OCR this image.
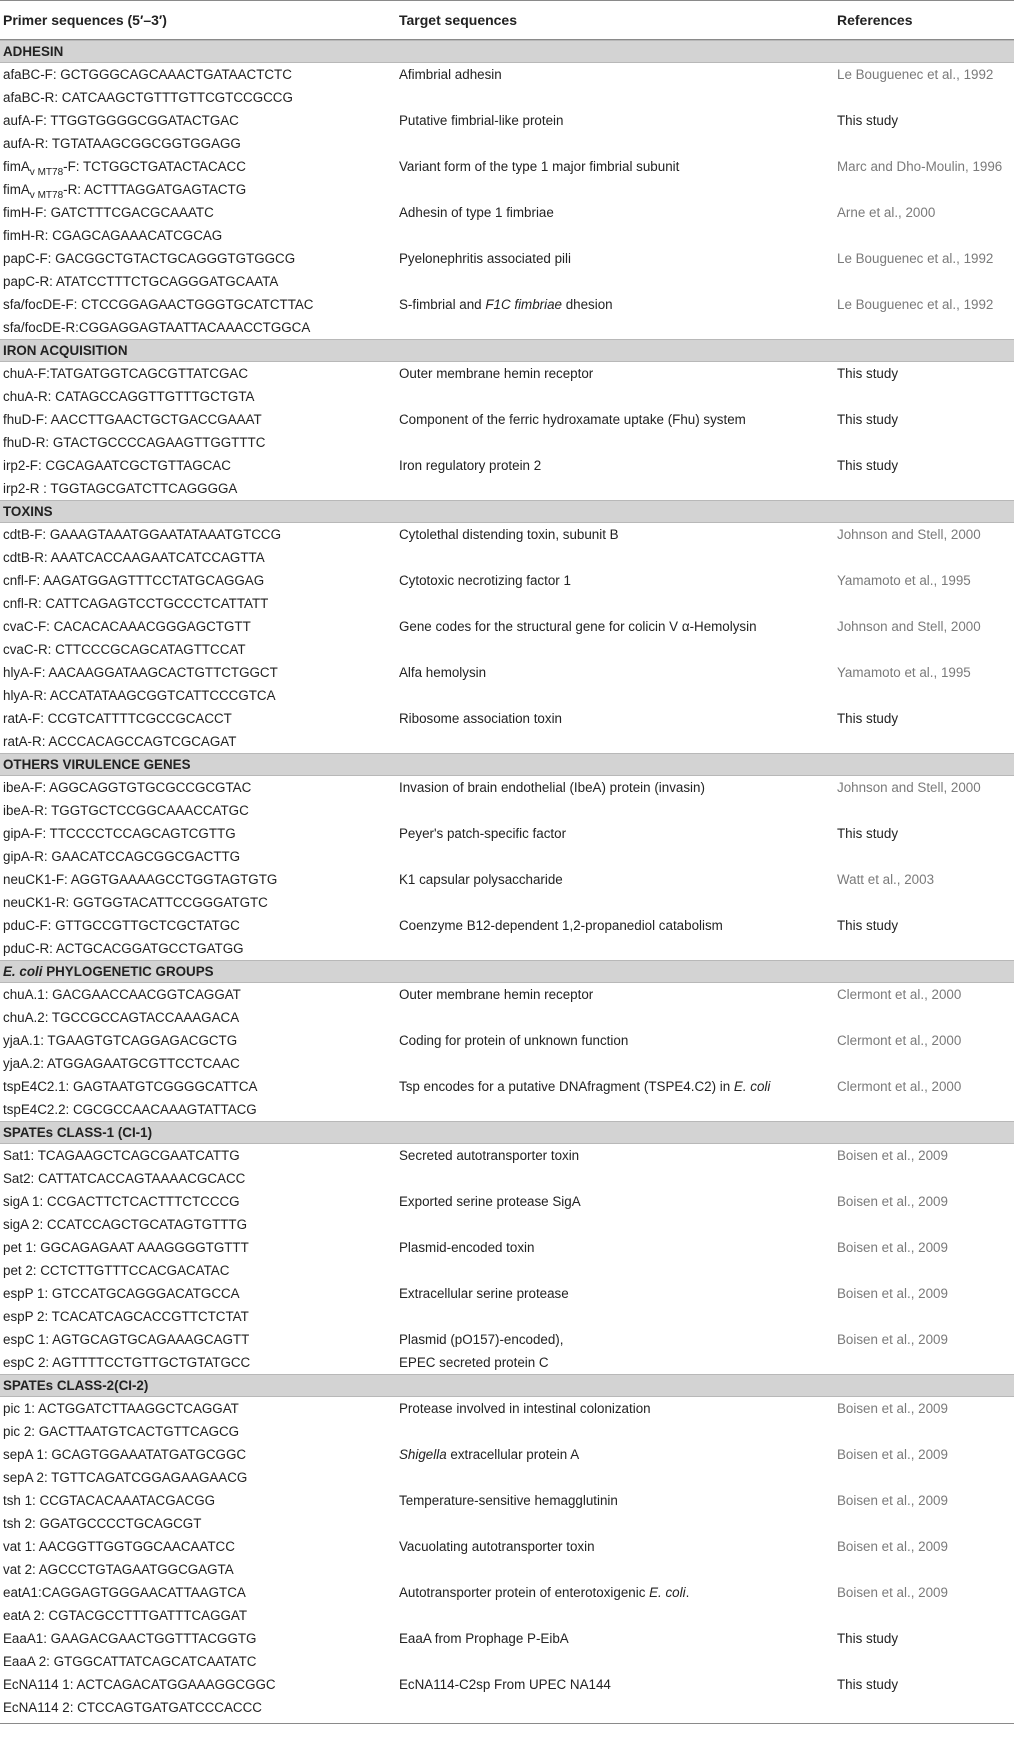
Primer sequences (5′–3′)	Target sequences	References
ADHESIN
afaBC-F: GCTGGGCAGCAAACTGATAACTCTC	Afimbrial adhesin	Le Bouguenec et al., 1992
afaBC-R: CATCAAGCTGTTTGTTCGTCCGCCG
aufA-F: TTGGTGGGGCGGATACTGAC	Putative fimbrial-like protein	This study
aufA-R: TGTATAAGCGGCGGTGGAGG
fimA$_{v MT78}$-F: TCTGGCTGATACTACACC	Variant form of the type 1 major fimbrial subunit	Marc and Dho-Moulin, 1996
fimA$_{v MT78}$-R: ACTTTAGGATGAGTACTG
fimH-F: GATCTTTCGACGCAAATC	Adhesin of type 1 fimbriae	Arne et al., 2000
fimH-R: CGAGCAGAAACATCGCAG
papC-F: GACGGCTGTACTGCAGGGTGTGGCG	Pyelonephritis associated pili	Le Bouguenec et al., 1992
papC-R: ATATCCTTTCTGCAGGGATGCAATA
sfa/focDE-F: CTCCGGAGAACTGGGTGCATCTTAC	S-fimbrial and F1C fimbriae dhesion	Le Bouguenec et al., 1992
sfa/focDE-R:CGGAGGAGTAATTACAAACCTGGCA
IRON ACQUISITION
chuA-F:TATGATGGTCAGCGTTATCGAC	Outer membrane hemin receptor	This study
chuA-R: CATAGCCAGGTTGTTTGCTGTA
fhuD-F: AACCTTGAACTGCTGACCGAAAT	Component of the ferric hydroxamate uptake (Fhu) system	This study
fhuD-R: GTACTGCCCCAGAAGTTGGTTTC
irp2-F: CGCAGAATCGCTGTTAGCAC	Iron regulatory protein 2	This study
irp2-R : TGGTAGCGATCTTCAGGGGA
TOXINS
cdtB-F: GAAAGTAAATGGAATATAAATGTCCG	Cytolethal distending toxin, subunit B	Johnson and Stell, 2000
cdtB-R: AAATCACCAAGAATCATCCAGTTA
cnfl-F: AAGATGGAGTTTCCTATGCAGGAG	Cytotoxic necrotizing factor 1	Yamamoto et al., 1995
cnfl-R: CATTCAGAGTCCTGCCCTCATTATT
cvaC-F: CACACACAAACGGGAGCTGTT	Gene codes for the structural gene for colicin V α-Hemolysin	Johnson and Stell, 2000
cvaC-R: CTTCCCGCAGCATAGTTCCAT
hlyA-F: AACAAGGATAAGCACTGTTCTGGCT	Alfa hemolysin	Yamamoto et al., 1995
hlyA-R: ACCATATAAGCGGTCATTCCCGTCA
ratA-F: CCGTCATTTTCGCCGCACCT	Ribosome association toxin	This study
ratA-R: ACCCACAGCCAGTCGCAGAT
OTHERS VIRULENCE GENES
ibeA-F: AGGCAGGTGTGCGCCGCGTAC	Invasion of brain endothelial (IbeA) protein (invasin)	Johnson and Stell, 2000
ibeA-R: TGGTGCTCCGGCAAACCATGC
gipA-F: TTCCCCTCCAGCAGTCGTTG	Peyer's patch-specific factor	This study
gipA-R: GAACATCCAGCGGCGACTTG
neuCK1-F: AGGTGAAAAGCCTGGTAGTGTG	K1 capsular polysaccharide	Watt et al., 2003
neuCK1-R: GGTGGTACATTCCGGGATGTC
pduC-F: GTTGCCGTTGCTCGCTATGC	Coenzyme B12-dependent 1,2-propanediol catabolism	This study
pduC-R: ACTGCACGGATGCCTGATGG
E. coli PHYLOGENETIC GROUPS
chuA.1: GACGAACCAACGGTCAGGAT	Outer membrane hemin receptor	Clermont et al., 2000
chuA.2: TGCCGCCAGTACCAAAGACA
yjaA.1: TGAAGTGTCAGGAGACGCTG	Coding for protein of unknown function	Clermont et al., 2000
yjaA.2: ATGGAGAATGCGTTCCTCAAC
tspE4C2.1: GAGTAATGTCGGGGCATTCA	Tsp encodes for a putative DNAfragment (TSPE4.C2) in E. coli	Clermont et al., 2000
tspE4C2.2: CGCGCCAACAAAGTATTACG
SPATEs CLASS-1 (CI-1)
Sat1: TCAGAAGCTCAGCGAATCATTG	Secreted autotransporter toxin	Boisen et al., 2009
Sat2: CATTATCACCAGTAAAACGCACC
sigA 1: CCGACTTCTCACTTTCTCCCG	Exported serine protease SigA	Boisen et al., 2009
sigA 2: CCATCCAGCTGCATAGTGTTTG
pet 1: GGCAGAGAAT AAAGGGGTGTTT	Plasmid-encoded toxin	Boisen et al., 2009
pet 2: CCTCTTGTTTCCACGACATAC
espP 1: GTCCATGCAGGGACATGCCA	Extracellular serine protease	Boisen et al., 2009
espP 2: TCACATCAGCACCGTTCTCTAT
espC 1: AGTGCAGTGCAGAAAGCAGTT	Plasmid (pO157)-encoded),	Boisen et al., 2009
espC 2: AGTTTTCCTGTTGCTGTATGCC	EPEC secreted protein C
SPATEs CLASS-2(CI-2)
pic 1: ACTGGATCTTAAGGCTCAGGAT	Protease involved in intestinal colonization	Boisen et al., 2009
pic 2: GACTTAATGTCACTGTTCAGCG
sepA 1: GCAGTGGAAATATGATGCGGC	Shigella extracellular protein A	Boisen et al., 2009
sepA 2: TGTTCAGATCGGAGAAGAACG
tsh 1: CCGTACACAAATACGACGG	Temperature-sensitive hemagglutinin	Boisen et al., 2009
tsh 2: GGATGCCCCTGCAGCGT
vat 1: AACGGTTGGTGGCAACAATCC	Vacuolating autotransporter toxin	Boisen et al., 2009
vat 2: AGCCCTGTAGAATGGCGAGTA
eatA1:CAGGAGTGGGAACATTAAGTCA	Autotransporter protein of enterotoxigenic E. coli.	Boisen et al., 2009
eatA 2: CGTACGCCTTTGATTTCAGGAT
EaaA1: GAAGACGAACTGGTTTACGGTG	EaaA from Prophage P-EibA	This study
EaaA 2: GTGGCATTATCAGCATCAATATC
EcNA114 1: ACTCAGACATGGAAAGGCGGC	EcNA114-C2sp From UPEC NA144	This study
EcNA114 2: CTCCAGTGATGATCCCACCC
